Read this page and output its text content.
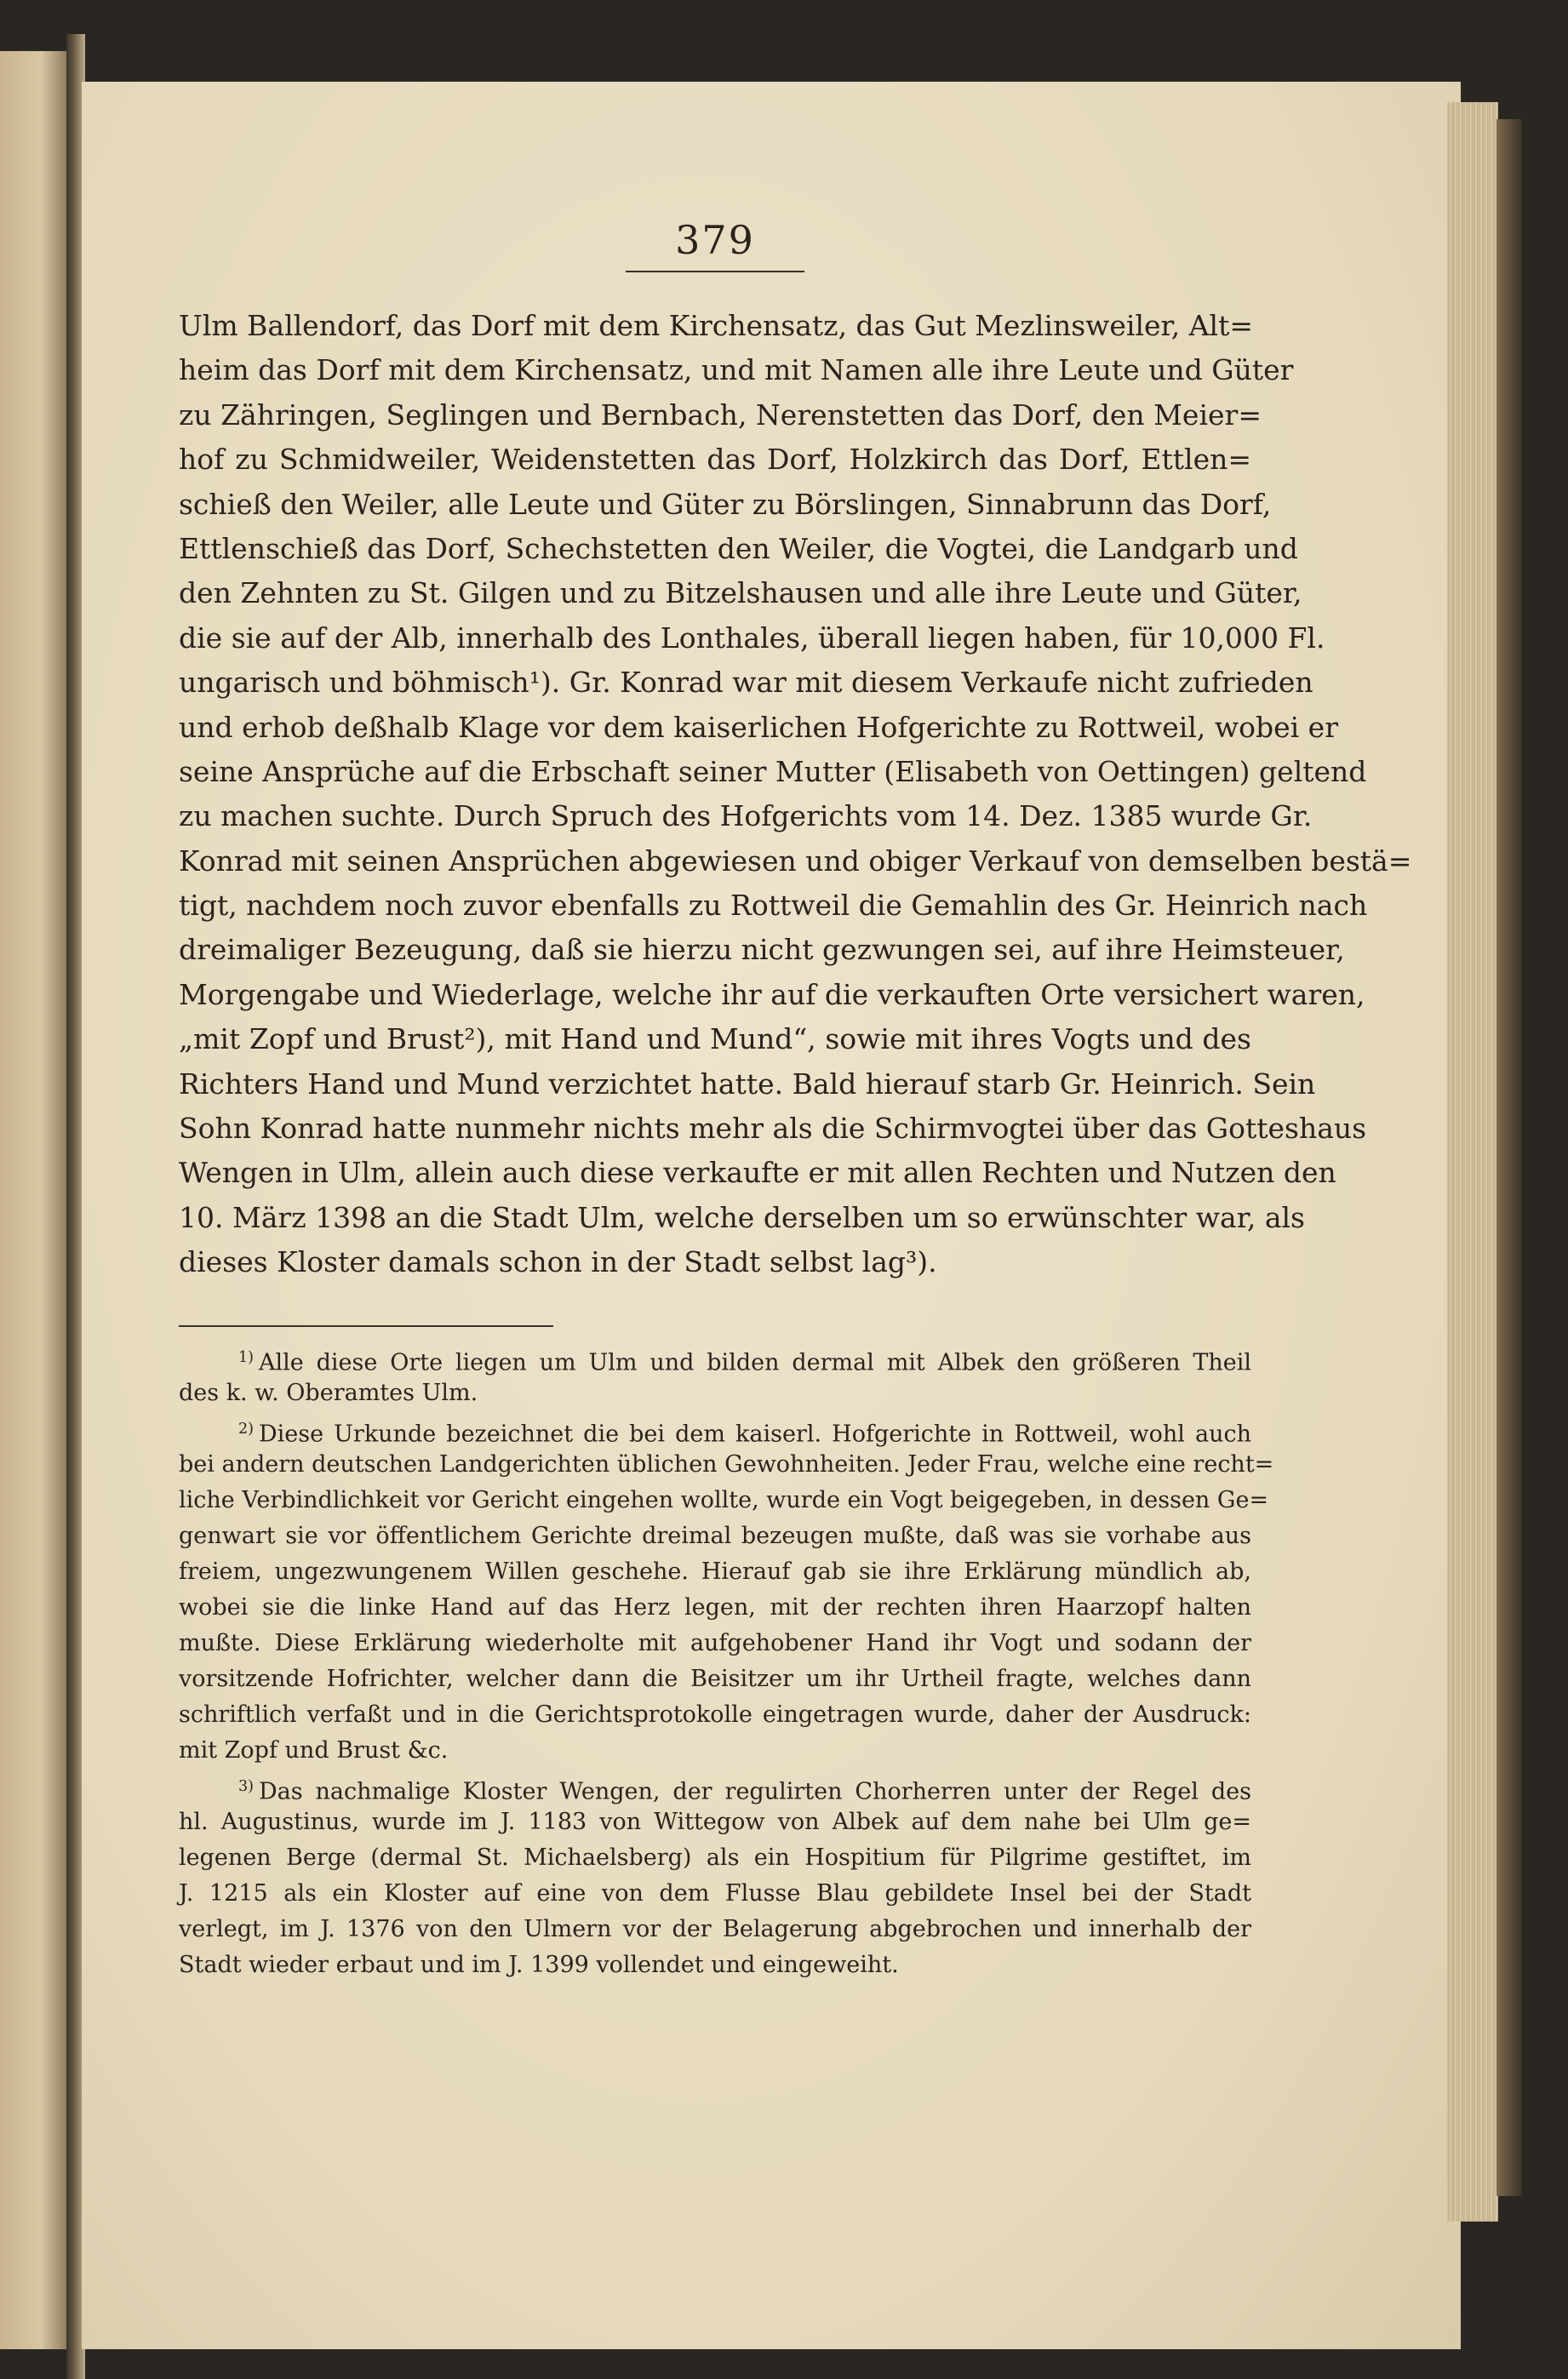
379
Ulm Ballendorf, das Dorf mit dem Kirchensatz, das Gut Mezlinsweiler, Alt=
heim das Dorf mit dem Kirchensatz, und mit Namen alle ihre Leute und Güter
zu Zähringen, Seglingen und Bernbach, Nerenstetten das Dorf, den Meier=
hof zu Schmidweiler, Weidenstetten das Dorf, Holzkirch das Dorf, Ettlen=
schieß den Weiler, alle Leute und Güter zu Börslingen, Sinnabrunn das Dorf,
Ettlenschieß das Dorf, Schechstetten den Weiler, die Vogtei, die Landgarb und
den Zehnten zu St. Gilgen und zu Bitzelshausen und alle ihre Leute und Güter,
die sie auf der Alb, innerhalb des Lonthales, überall liegen haben, für 10,000 Fl.
ungarisch und böhmisch¹). Gr. Konrad war mit diesem Verkaufe nicht zufrieden
und erhob deßhalb Klage vor dem kaiserlichen Hofgerichte zu Rottweil, wobei er
seine Ansprüche auf die Erbschaft seiner Mutter (Elisabeth von Oettingen) geltend
zu machen suchte. Durch Spruch des Hofgerichts vom 14. Dez. 1385 wurde Gr.
Konrad mit seinen Ansprüchen abgewiesen und obiger Verkauf von demselben bestä=
tigt, nachdem noch zuvor ebenfalls zu Rottweil die Gemahlin des Gr. Heinrich nach
dreimaliger Bezeugung, daß sie hierzu nicht gezwungen sei, auf ihre Heimsteuer,
Morgengabe und Wiederlage, welche ihr auf die verkauften Orte versichert waren,
„mit Zopf und Brust²), mit Hand und Mund“, sowie mit ihres Vogts und des
Richters Hand und Mund verzichtet hatte. Bald hierauf starb Gr. Heinrich. Sein
Sohn Konrad hatte nunmehr nichts mehr als die Schirmvogtei über das Gotteshaus
Wengen in Ulm, allein auch diese verkaufte er mit allen Rechten und Nutzen den
10. März 1398 an die Stadt Ulm, welche derselben um so erwünschter war, als
dieses Kloster damals schon in der Stadt selbst lag³).
$^{1)}$ Alle diese Orte liegen um Ulm und bilden dermal mit Albek den größeren Theil
des k. w. Oberamtes Ulm.
$^{2)}$ Diese Urkunde bezeichnet die bei dem kaiserl. Hofgerichte in Rottweil, wohl auch
bei andern deutschen Landgerichten üblichen Gewohnheiten. Jeder Frau, welche eine recht=
liche Verbindlichkeit vor Gericht eingehen wollte, wurde ein Vogt beigegeben, in dessen Ge=
genwart sie vor öffentlichem Gerichte dreimal bezeugen mußte, daß was sie vorhabe aus
freiem, ungezwungenem Willen geschehe. Hierauf gab sie ihre Erklärung mündlich ab,
wobei sie die linke Hand auf das Herz legen, mit der rechten ihren Haarzopf halten
mußte. Diese Erklärung wiederholte mit aufgehobener Hand ihr Vogt und sodann der
vorsitzende Hofrichter, welcher dann die Beisitzer um ihr Urtheil fragte, welches dann
schriftlich verfaßt und in die Gerichtsprotokolle eingetragen wurde, daher der Ausdruck:
mit Zopf und Brust &c.
$^{3)}$ Das nachmalige Kloster Wengen, der regulirten Chorherren unter der Regel des
hl. Augustinus, wurde im J. 1183 von Wittegow von Albek auf dem nahe bei Ulm ge=
legenen Berge (dermal St. Michaelsberg) als ein Hospitium für Pilgrime gestiftet, im
J. 1215 als ein Kloster auf eine von dem Flusse Blau gebildete Insel bei der Stadt
verlegt, im J. 1376 von den Ulmern vor der Belagerung abgebrochen und innerhalb der
Stadt wieder erbaut und im J. 1399 vollendet und eingeweiht.
